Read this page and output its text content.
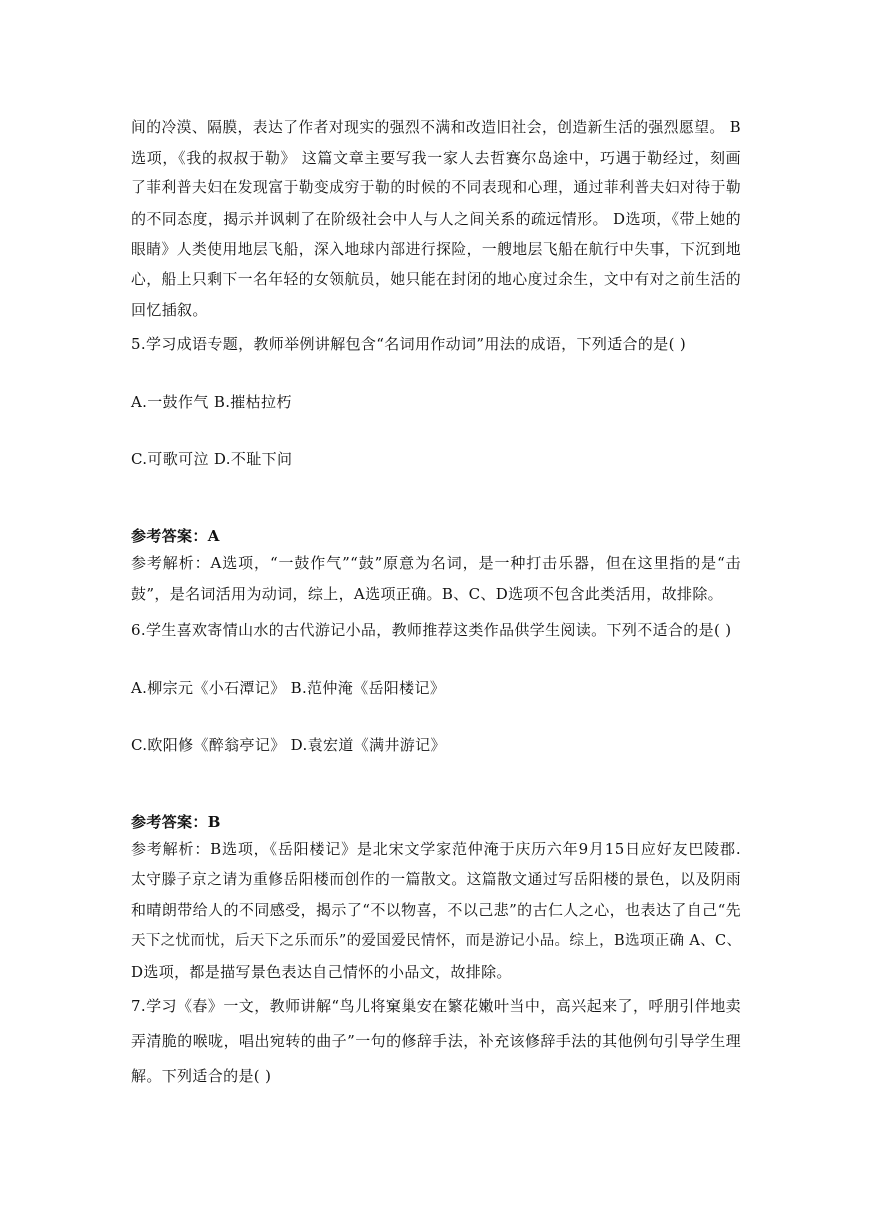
间的冷漠、隔膜，表达了作者对现实的强烈不满和改造旧社会，创造新生活的强烈愿望。 B
选项，《我的叔叔于勒》 这篇文章主要写我一家人去哲赛尔岛途中，巧遇于勒经过，刻画
了菲利普夫妇在发现富于勒变成穷于勒的时候的不同表现和心理，通过菲利普夫妇对待于勒
的不同态度，揭示并讽刺了在阶级社会中人与人之间关系的疏远情形。 D选项，《带上她的
眼睛》人类使用地层飞船，深入地球内部进行探险，一艘地层飞船在航行中失事，下沉到地
心，船上只剩下一名年轻的女领航员，她只能在封闭的地心度过余生，文中有对之前生活的
回忆插叙。
5.学习成语专题，教师举例讲解包含“名词用作动词”用法的成语，下列适合的是( )
A.一鼓作气 B.摧枯拉朽
C.可歌可泣 D.不耻下问
参考答案：A
参考解析：A选项，“一鼓作气”“鼓”原意为名词，是一种打击乐器，但在这里指的是“击
鼓”，是名词活用为动词，综上，A选项正确。B、C、D选项不包含此类活用，故排除。
6.学生喜欢寄情山水的古代游记小品，教师推荐这类作品供学生阅读。下列不适合的是( )
A.柳宗元《小石潭记》 B.范仲淹《岳阳楼记》
C.欧阳修《醉翁亭记》 D.袁宏道《满井游记》
参考答案：B
参考解析：B选项，《岳阳楼记》是北宋文学家范仲淹于庆历六年9月15日应好友巴陵郡.
太守滕子京之请为重修岳阳楼而创作的一篇散文。这篇散文通过写岳阳楼的景色，以及阴雨
和晴朗带给人的不同感受，揭示了“不以物喜，不以己悲”的古仁人之心，也表达了自己“先
天下之忧而忧，后天下之乐而乐”的爱国爱民情怀，而是游记小品。综上，B选项正确 A、C、
D选项，都是描写景色表达自己情怀的小品文，故排除。
7.学习《春》一文，教师讲解“鸟儿将窠巢安在繁花嫩叶当中，高兴起来了，呼朋引伴地卖
弄清脆的喉咙，唱出宛转的曲子”一句的修辞手法，补充该修辞手法的其他例句引导学生理
解。下列适合的是( )
